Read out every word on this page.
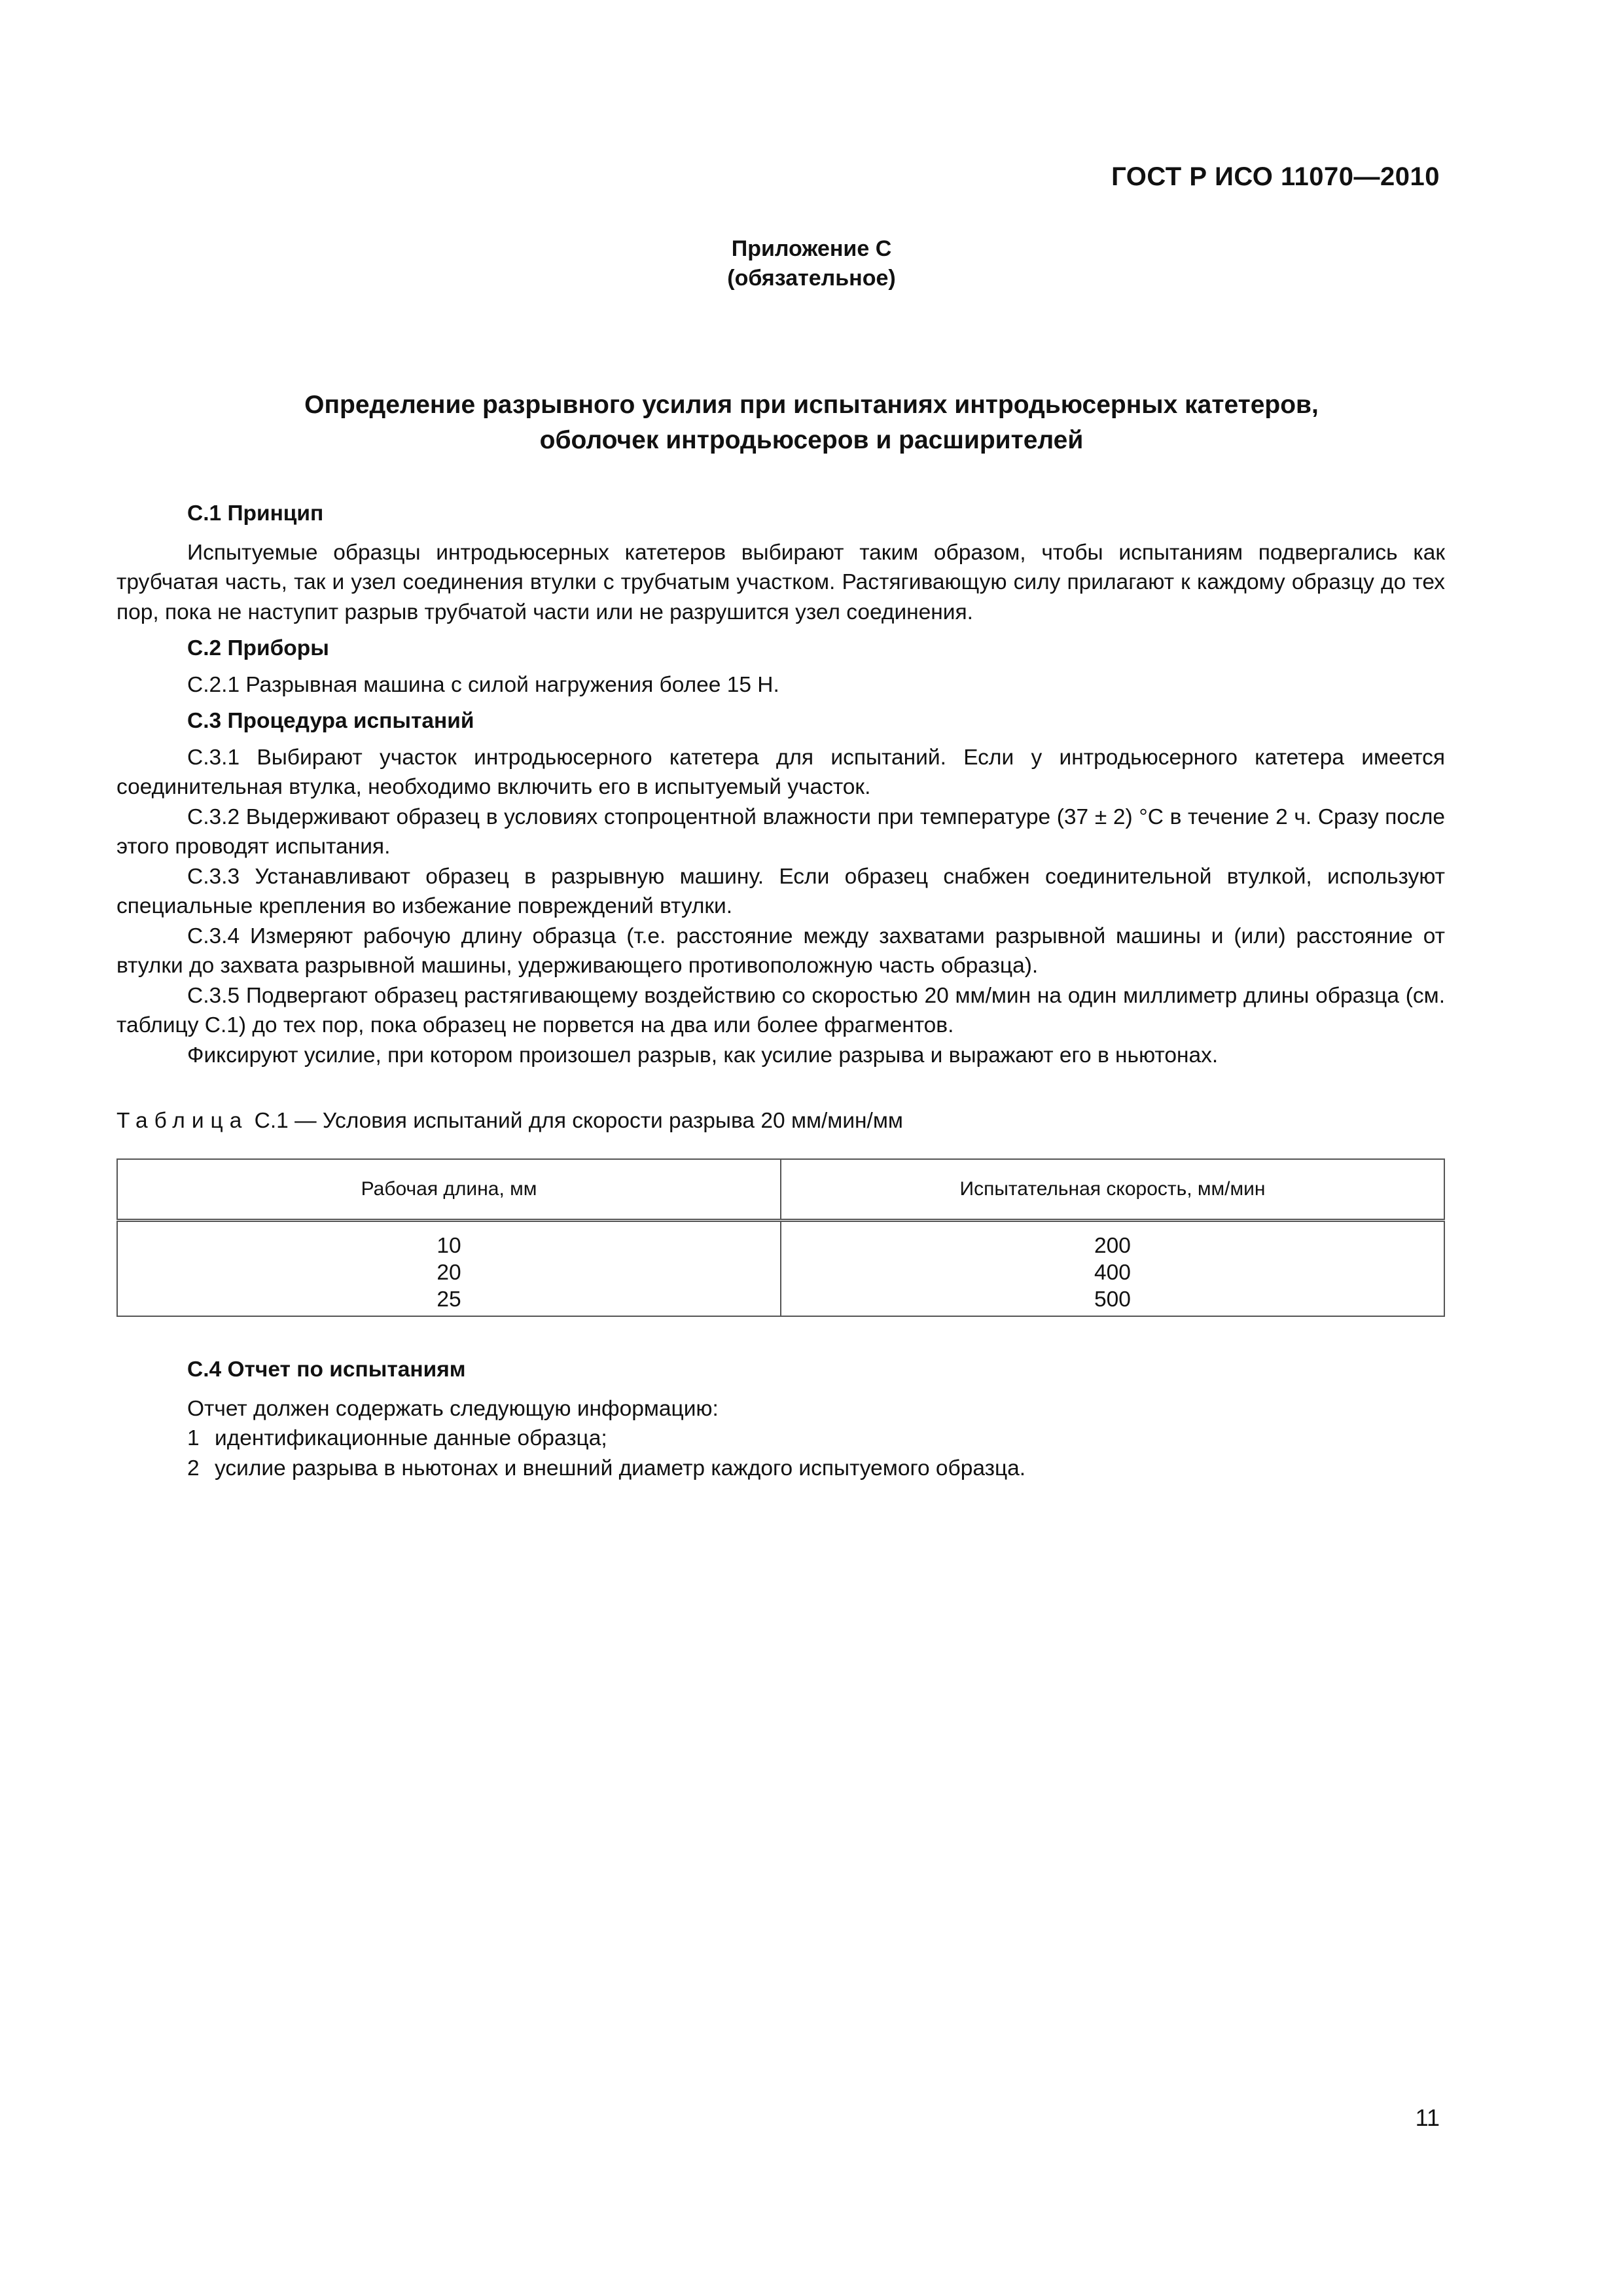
ГОСТ Р ИСО 11070—2010
Приложение С
(обязательное)
Определение разрывного усилия при испытаниях интродьюсерных катетеров,
оболочек интродьюсеров и расширителей

С.1 Принцип

Испытуемые образцы интродьюсерных катетеров выбирают таким образом, чтобы испытаниям подвергались как трубчатая часть, так и узел соединения втулки с трубчатым участком. Растягивающую силу прилагают к каждому образцу до тех пор, пока не наступит разрыв трубчатой части или не разрушится узел соединения.

С.2 Приборы

С.2.1 Разрывная машина с силой нагружения более 15 Н.

С.3 Процедура испытаний

С.3.1 Выбирают участок интродьюсерного катетера для испытаний. Если у интродьюсерного катетера имеется соединительная втулка, необходимо включить его в испытуемый участок.

С.3.2 Выдерживают образец в условиях стопроцентной влажности при температуре (37 ± 2) °С в течение 2 ч. Сразу после этого проводят испытания.

С.3.3 Устанавливают образец в разрывную машину. Если образец снабжен соединительной втулкой, используют специальные крепления во избежание повреждений втулки.

С.3.4 Измеряют рабочую длину образца (т.е. расстояние между захватами разрывной машины и (или) расстояние от втулки до захвата разрывной машины, удерживающего противоположную часть образца).

С.3.5 Подвергают образец растягивающему воздействию со скоростью 20 мм/мин на один миллиметр длины образца (см. таблицу С.1) до тех пор, пока образец не порвется на два или более фрагментов.

Фиксируют усилие, при котором произошел разрыв, как усилие разрыва и выражают его в ньютонах.

Таблица С.1 — Условия испытаний для скорости разрыва 20 мм/мин/мм
Рабочая длина, мм	Испытательная скорость, мм/мин
10	200
20	400
25	500

С.4 Отчет по испытаниям

Отчет должен содержать следующую информацию:

1 идентификационные данные образца;

2 усилие разрыва в ньютонах и внешний диаметр каждого испытуемого образца.

11
